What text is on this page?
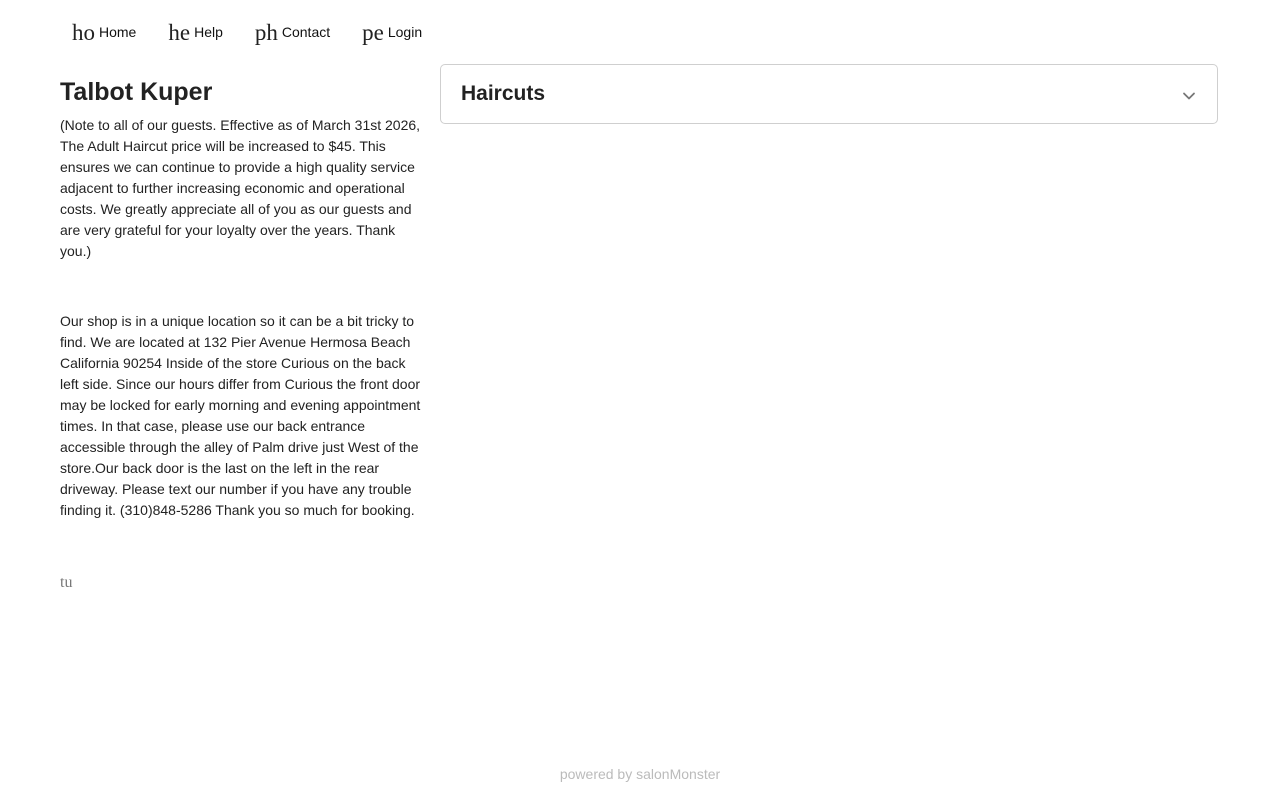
ho Home he Help ph Contact pe Login
Talbot Kuper

(Note to all of our guests. Effective as of March 31st 2026, The Adult Haircut price will be increased to $45. This ensures we can continue to provide a high quality service adjacent to further increasing economic and operational costs. We greatly appreciate all of you as our guests and are very grateful for your loyalty over the years. Thank you.)

Our shop is in a unique location so it can be a bit tricky to find. We are located at 132 Pier Avenue Hermosa Beach California 90254 Inside of the store Curious on the back left side. Since our hours differ from Curious the front door may be locked for early morning and evening appointment times. In that case, please use our back entrance accessible through the alley of Palm drive just West of the store.Our back door is the last on the left in the rear driveway. Please text our number if you have any trouble finding it. (310)848-5286 Thank you so much for booking.

tu
Haircuts
powered by salonMonster
